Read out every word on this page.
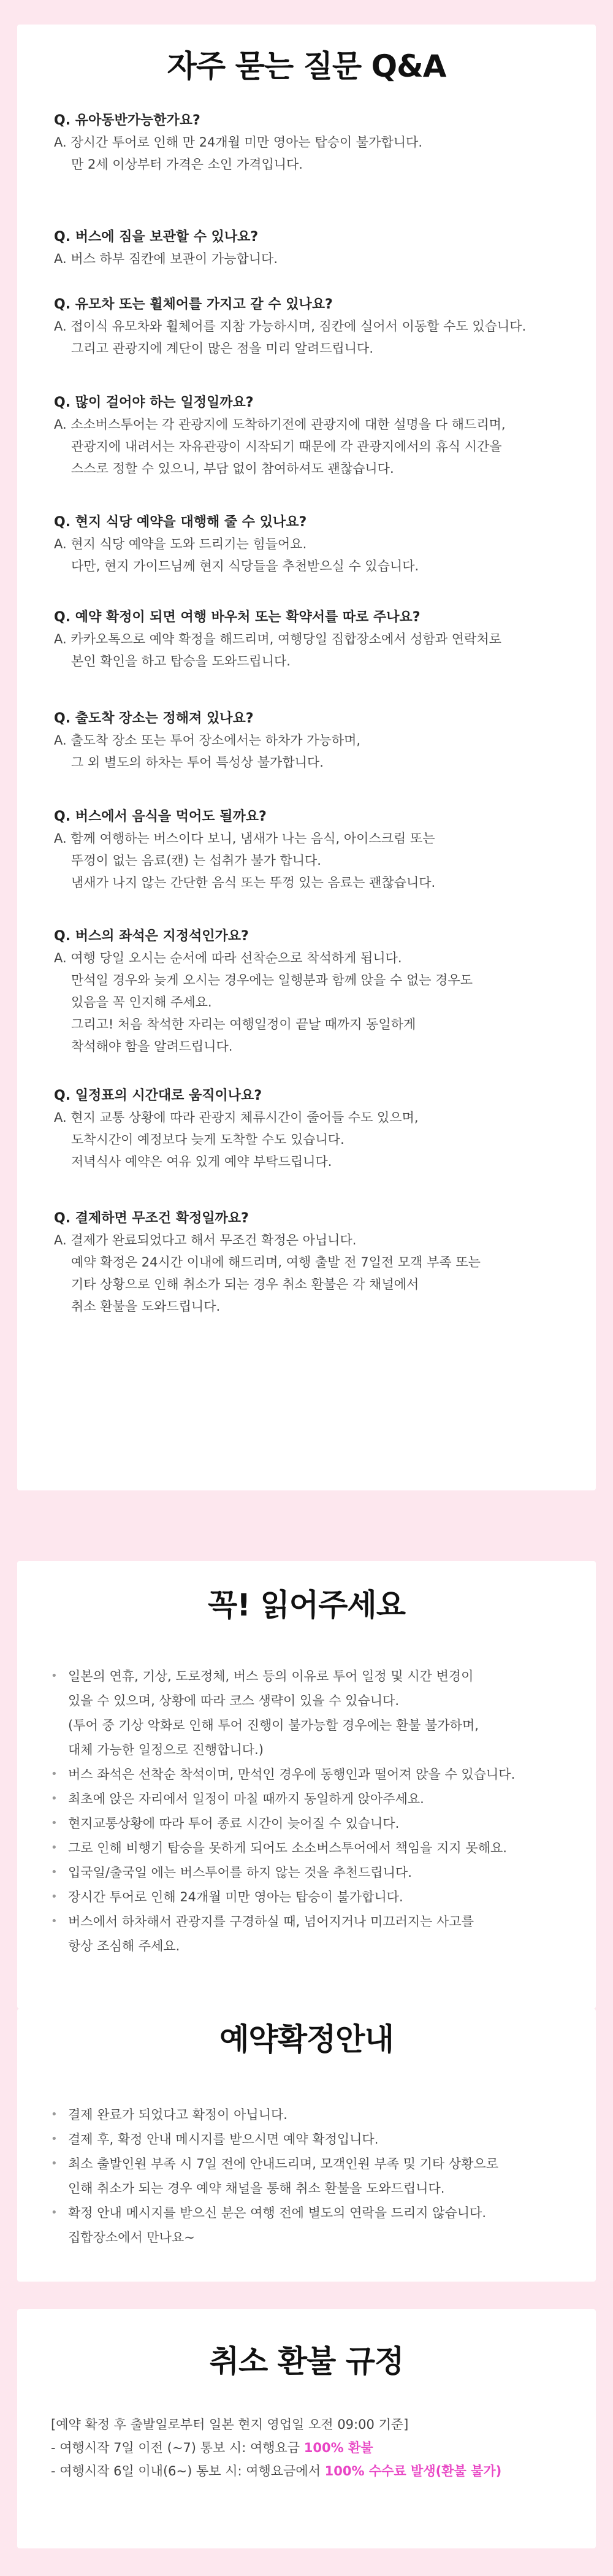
자주 묻는 질문 Q&A
Q. 유아동반가능한가요?
A. 장시간 투어로 인해 만 24개월 미만 영아는 탑승이 불가합니다.
만 2세 이상부터 가격은 소인 가격입니다.
Q. 버스에 짐을 보관할 수 있나요?
A. 버스 하부 짐칸에 보관이 가능합니다.
Q. 유모차 또는 휠체어를 가지고 갈 수 있나요?
A. 접이식 유모차와 휠체어를 지참 가능하시며, 짐칸에 실어서 이동할 수도 있습니다.
그리고 관광지에 계단이 많은 점을 미리 알려드립니다.
Q. 많이 걸어야 하는 일정일까요?
A. 소소버스투어는 각 관광지에 도착하기전에 관광지에 대한 설명을 다 해드리며,
관광지에 내려서는 자유관광이 시작되기 때문에 각 관광지에서의 휴식 시간을
스스로 정할 수 있으니, 부담 없이 참여하셔도 괜찮습니다.
Q. 현지 식당 예약을 대행해 줄 수 있나요?
A. 현지 식당 예약을 도와 드리기는 힘들어요.
다만, 현지 가이드님께 현지 식당들을 추천받으실 수 있습니다.
Q. 예약 확정이 되면 여행 바우처 또는 확약서를 따로 주나요?
A. 카카오톡으로 예약 확정을 해드리며, 여행당일 집합장소에서 성함과 연락처로
본인 확인을 하고 탑승을 도와드립니다.
Q. 출도착 장소는 정해져 있나요?
A. 출도착 장소 또는 투어 장소에서는 하차가 가능하며,
그 외 별도의 하차는 투어 특성상 불가합니다.
Q. 버스에서 음식을 먹어도 될까요?
A. 함께 여행하는 버스이다 보니, 냄새가 나는 음식, 아이스크림 또는
뚜껑이 없는 음료(캔) 는 섭취가 불가 합니다.
냄새가 나지 않는 간단한 음식 또는 뚜껑 있는 음료는 괜찮습니다.
Q. 버스의 좌석은 지정석인가요?
A. 여행 당일 오시는 순서에 따라 선착순으로 착석하게 됩니다.
만석일 경우와 늦게 오시는 경우에는 일행분과 함께 앉을 수 없는 경우도
있음을 꼭 인지해 주세요.
그리고! 처음 착석한 자리는 여행일정이 끝날 때까지 동일하게
착석해야 함을 알려드립니다.
Q. 일정표의 시간대로 움직이나요?
A. 현지 교통 상황에 따라 관광지 체류시간이 줄어들 수도 있으며,
도착시간이 예정보다 늦게 도착할 수도 있습니다.
저녁식사 예약은 여유 있게 예약 부탁드립니다.
Q. 결제하면 무조건 확정일까요?
A. 결제가 완료되었다고 해서 무조건 확정은 아닙니다.
예약 확정은 24시간 이내에 해드리며, 여행 출발 전 7일전 모객 부족 또는
기타 상황으로 인해 취소가 되는 경우 취소 환불은 각 채널에서
취소 환불을 도와드립니다.
꼭! 읽어주세요
• 일본의 연휴, 기상, 도로정체, 버스 등의 이유로 투어 일정 및 시간 변경이
있을 수 있으며, 상황에 따라 코스 생략이 있을 수 있습니다.
(투어 중 기상 악화로 인해 투어 진행이 불가능할 경우에는 환불 불가하며,
대체 가능한 일정으로 진행합니다.)
• 버스 좌석은 선착순 착석이며, 만석인 경우에 동행인과 떨어져 앉을 수 있습니다.
• 최초에 앉은 자리에서 일정이 마칠 때까지 동일하게 앉아주세요.
• 현지교통상황에 따라 투어 종료 시간이 늦어질 수 있습니다.
• 그로 인해 비행기 탑승을 못하게 되어도 소소버스투어에서 책임을 지지 못해요.
• 입국일/출국일 에는 버스투어를 하지 않는 것을 추천드립니다.
• 장시간 투어로 인해 24개월 미만 영아는 탑승이 불가합니다.
• 버스에서 하차해서 관광지를 구경하실 때, 넘어지거나 미끄러지는 사고를
항상 조심해 주세요.
예약확정안내
• 결제 완료가 되었다고 확정이 아닙니다.
• 결제 후, 확정 안내 메시지를 받으시면 예약 확정입니다.
• 최소 출발인원 부족 시 7일 전에 안내드리며, 모객인원 부족 및 기타 상황으로
인해 취소가 되는 경우 예약 채널을 통해 취소 환불을 도와드립니다.
• 확정 안내 메시지를 받으신 분은 여행 전에 별도의 연락을 드리지 않습니다.
집합장소에서 만나요~
취소 환불 규정
[예약 확정 후 출발일로부터 일본 현지 영업일 오전 09:00 기준]
- 여행시작 7일 이전 (~7) 통보 시: 여행요금 100% 환불
- 여행시작 6일 이내(6~) 통보 시: 여행요금에서 100% 수수료 발생(환불 불가)
